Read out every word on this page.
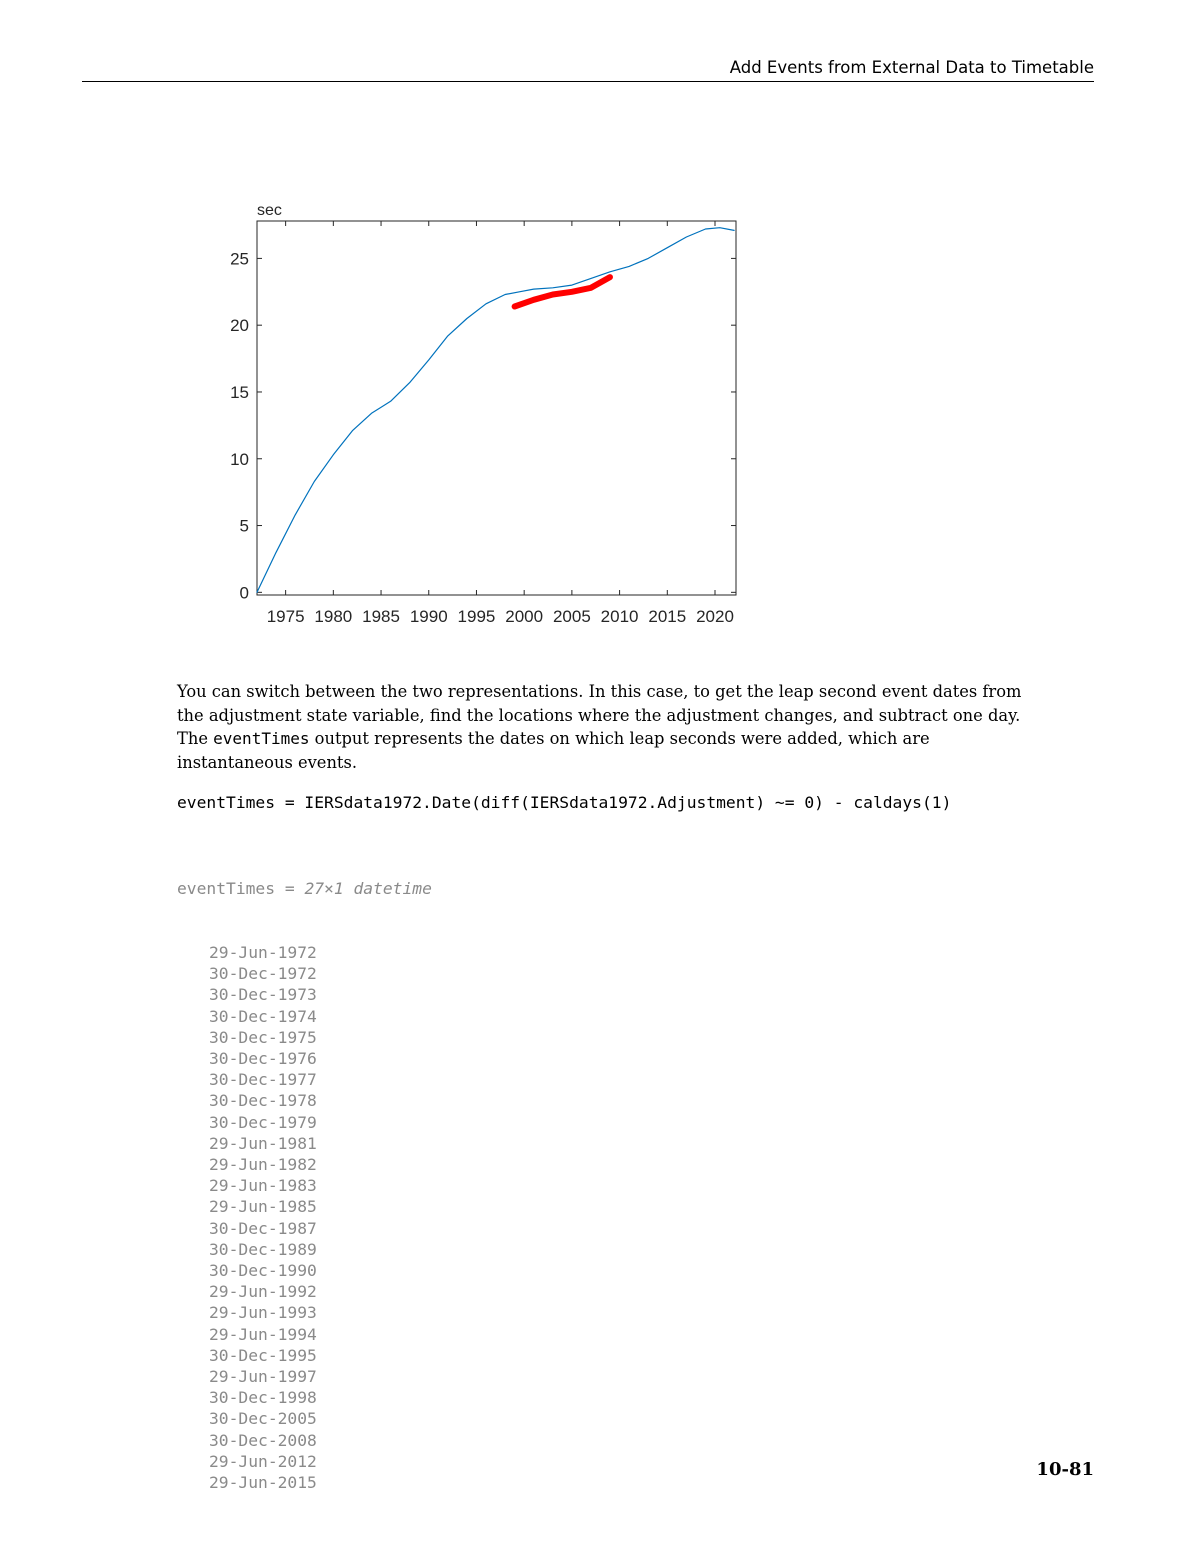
Add Events from External Data to Timetable
sec
1975 1980 1985 1990 1995 2000 2005 2010 2015 2020
0
5
10
15
20
25
You can switch between the two representations. In this case, to get the leap second event dates from
the adjustment state variable, find the locations where the adjustment changes, and subtract one day.
The eventTimes output represents the dates on which leap seconds were added, which are
instantaneous events.
eventTimes = IERSdata1972.Date(diff(IERSdata1972.Adjustment) ~= 0) - caldays(1)

eventTimes = 27×1 datetime

29-Jun-1972
30-Dec-1972
30-Dec-1973
30-Dec-1974
30-Dec-1975
30-Dec-1976
30-Dec-1977
30-Dec-1978
30-Dec-1979
29-Jun-1981
29-Jun-1982
29-Jun-1983
29-Jun-1985
30-Dec-1987
30-Dec-1989
30-Dec-1990
29-Jun-1992
29-Jun-1993
29-Jun-1994
30-Dec-1995
29-Jun-1997
30-Dec-1998
30-Dec-2005
30-Dec-2008
29-Jun-2012
29-Jun-2015

10-81
